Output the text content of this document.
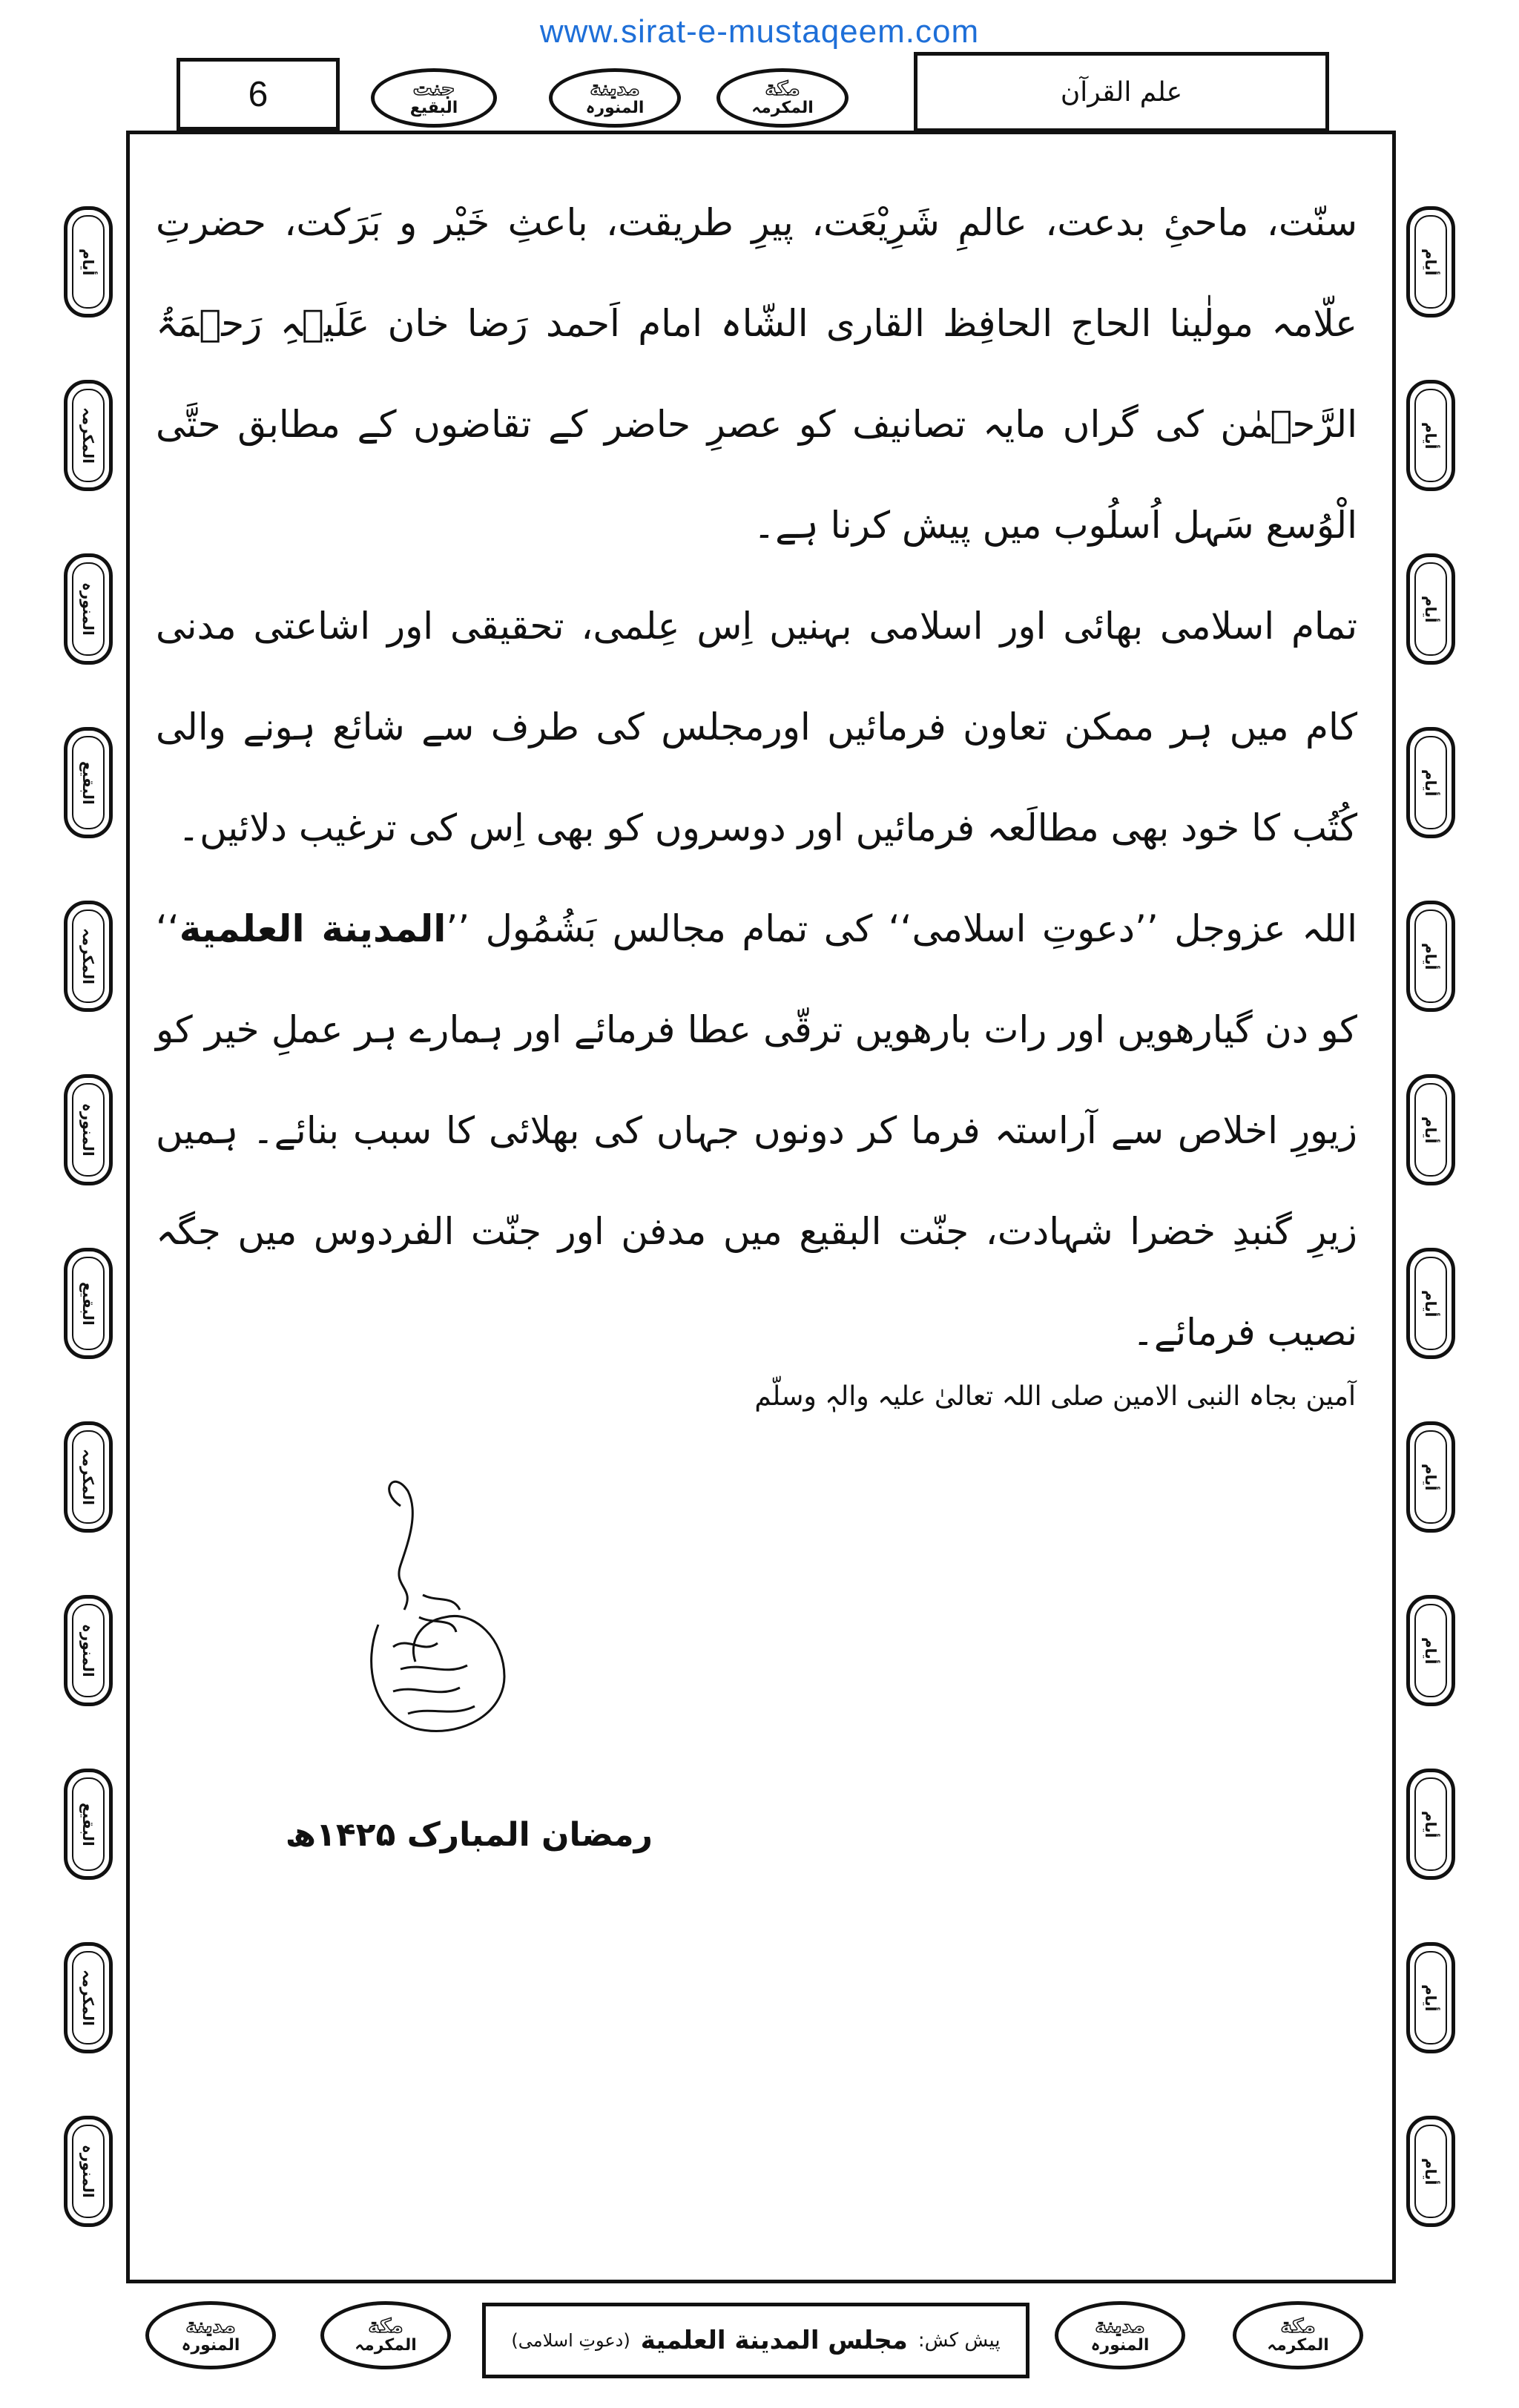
www.sirat-e-mustaqeem.com
6	جنت
البقیع
مدینة
المنورہ
مکة
المکرمہ
علم القرآن
أیام
المکرمہ
المنورہ
البقیع
المکرمہ
المنورہ
البقیع
المکرمہ
المنورہ
البقیع
المکرمہ
المنورہ
أیام
أیام
أیام
أیام
أیام
أیام
أیام
أیام
أیام
أیام
أیام
أیام

سنّت، ماحیِٔ بدعت، عالمِ شَرِیْعَت، پیرِ طریقت، باعثِ خَیْر و بَرَکت، حضرتِ علّامہ مولٰینا الحاج الحافِظ القاری الشّاہ امام اَحمد رَضا خان عَلَیۡہِ رَحۡمَۃُ الرَّحۡمٰن کی گراں مایہ تصانیف کو عصرِ حاضر کے تقاضوں کے مطابق حتَّی الْوُسع سَہل اُسلُوب میں پیش کرنا ہے۔

تمام اسلامی بھائی اور اسلامی بہنیں اِس عِلمی، تحقیقی اور اشاعتی مدنی کام میں ہر ممکن تعاون فرمائیں اورمجلس کی طرف سے شائع ہونے والی کُتُب کا خود بھی مطالَعہ فرمائیں اور دوسروں کو بھی اِس کی ترغیب دلائیں۔

اللہ عزوجل ’’دعوتِ اسلامی‘‘ کی تمام مجالس بَشُمُول ’’المدینة العلمیة‘‘ کو دن گیارھویں اور رات بارھویں ترقّی عطا فرمائے اور ہمارے ہر عملِ خیر کو زیورِ اخلاص سے آراستہ فرما کر دونوں جہاں کی بھلائی کا سبب بنائے۔ ہمیں زیرِ گنبدِ خضرا شہادت، جنّت البقیع میں مدفن اور جنّت الفردوس میں جگہ نصیب فرمائے۔

آمین بجاہ النبی الامین صلی اللہ تعالیٰ علیہ والہٖ وسلّم
رمضان المبارک ۱۴۲۵ھ
مدینة
المنورہ
مکة
المکرمہ	پیش کش:
مجلس المدینة العلمیة
(دعوتِ اسلامی)
مدینة
المنورہ
مکة
المکرمہ
